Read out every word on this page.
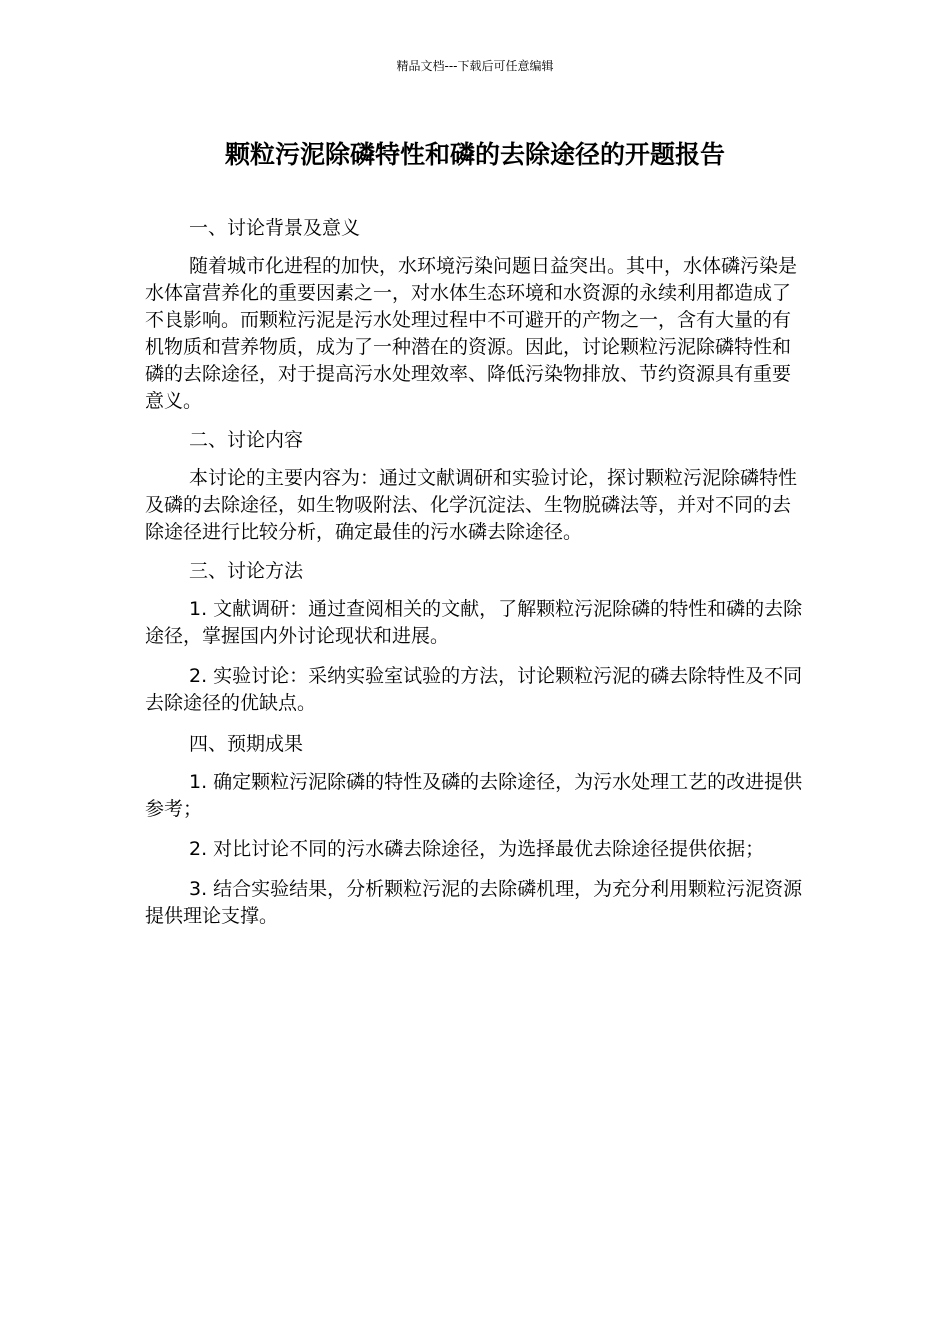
精品文档---下载后可任意编辑
颗粒污泥除磷特性和磷的去除途径的开题报告

一、讨论背景及意义

随着城市化进程的加快，水环境污染问题日益突出。其中，水体磷污染是水体富营养化的重要因素之一，对水体生态环境和水资源的永续利用都造成了不良影响。而颗粒污泥是污水处理过程中不可避开的产物之一，含有大量的有机物质和营养物质，成为了一种潜在的资源。因此，讨论颗粒污泥除磷特性和磷的去除途径，对于提高污水处理效率、降低污染物排放、节约资源具有重要意义。

二、讨论内容

本讨论的主要内容为：通过文献调研和实验讨论，探讨颗粒污泥除磷特性及磷的去除途径，如生物吸附法、化学沉淀法、生物脱磷法等，并对不同的去除途径进行比较分析，确定最佳的污水磷去除途径。

三、讨论方法

1. 文献调研：通过查阅相关的文献，了解颗粒污泥除磷的特性和磷的去除途径，掌握国内外讨论现状和进展。

2. 实验讨论：采纳实验室试验的方法，讨论颗粒污泥的磷去除特性及不同去除途径的优缺点。

四、预期成果

1. 确定颗粒污泥除磷的特性及磷的去除途径，为污水处理工艺的改进提供参考；

2. 对比讨论不同的污水磷去除途径，为选择最优去除途径提供依据；

3. 结合实验结果，分析颗粒污泥的去除磷机理，为充分利用颗粒污泥资源提供理论支撑。
